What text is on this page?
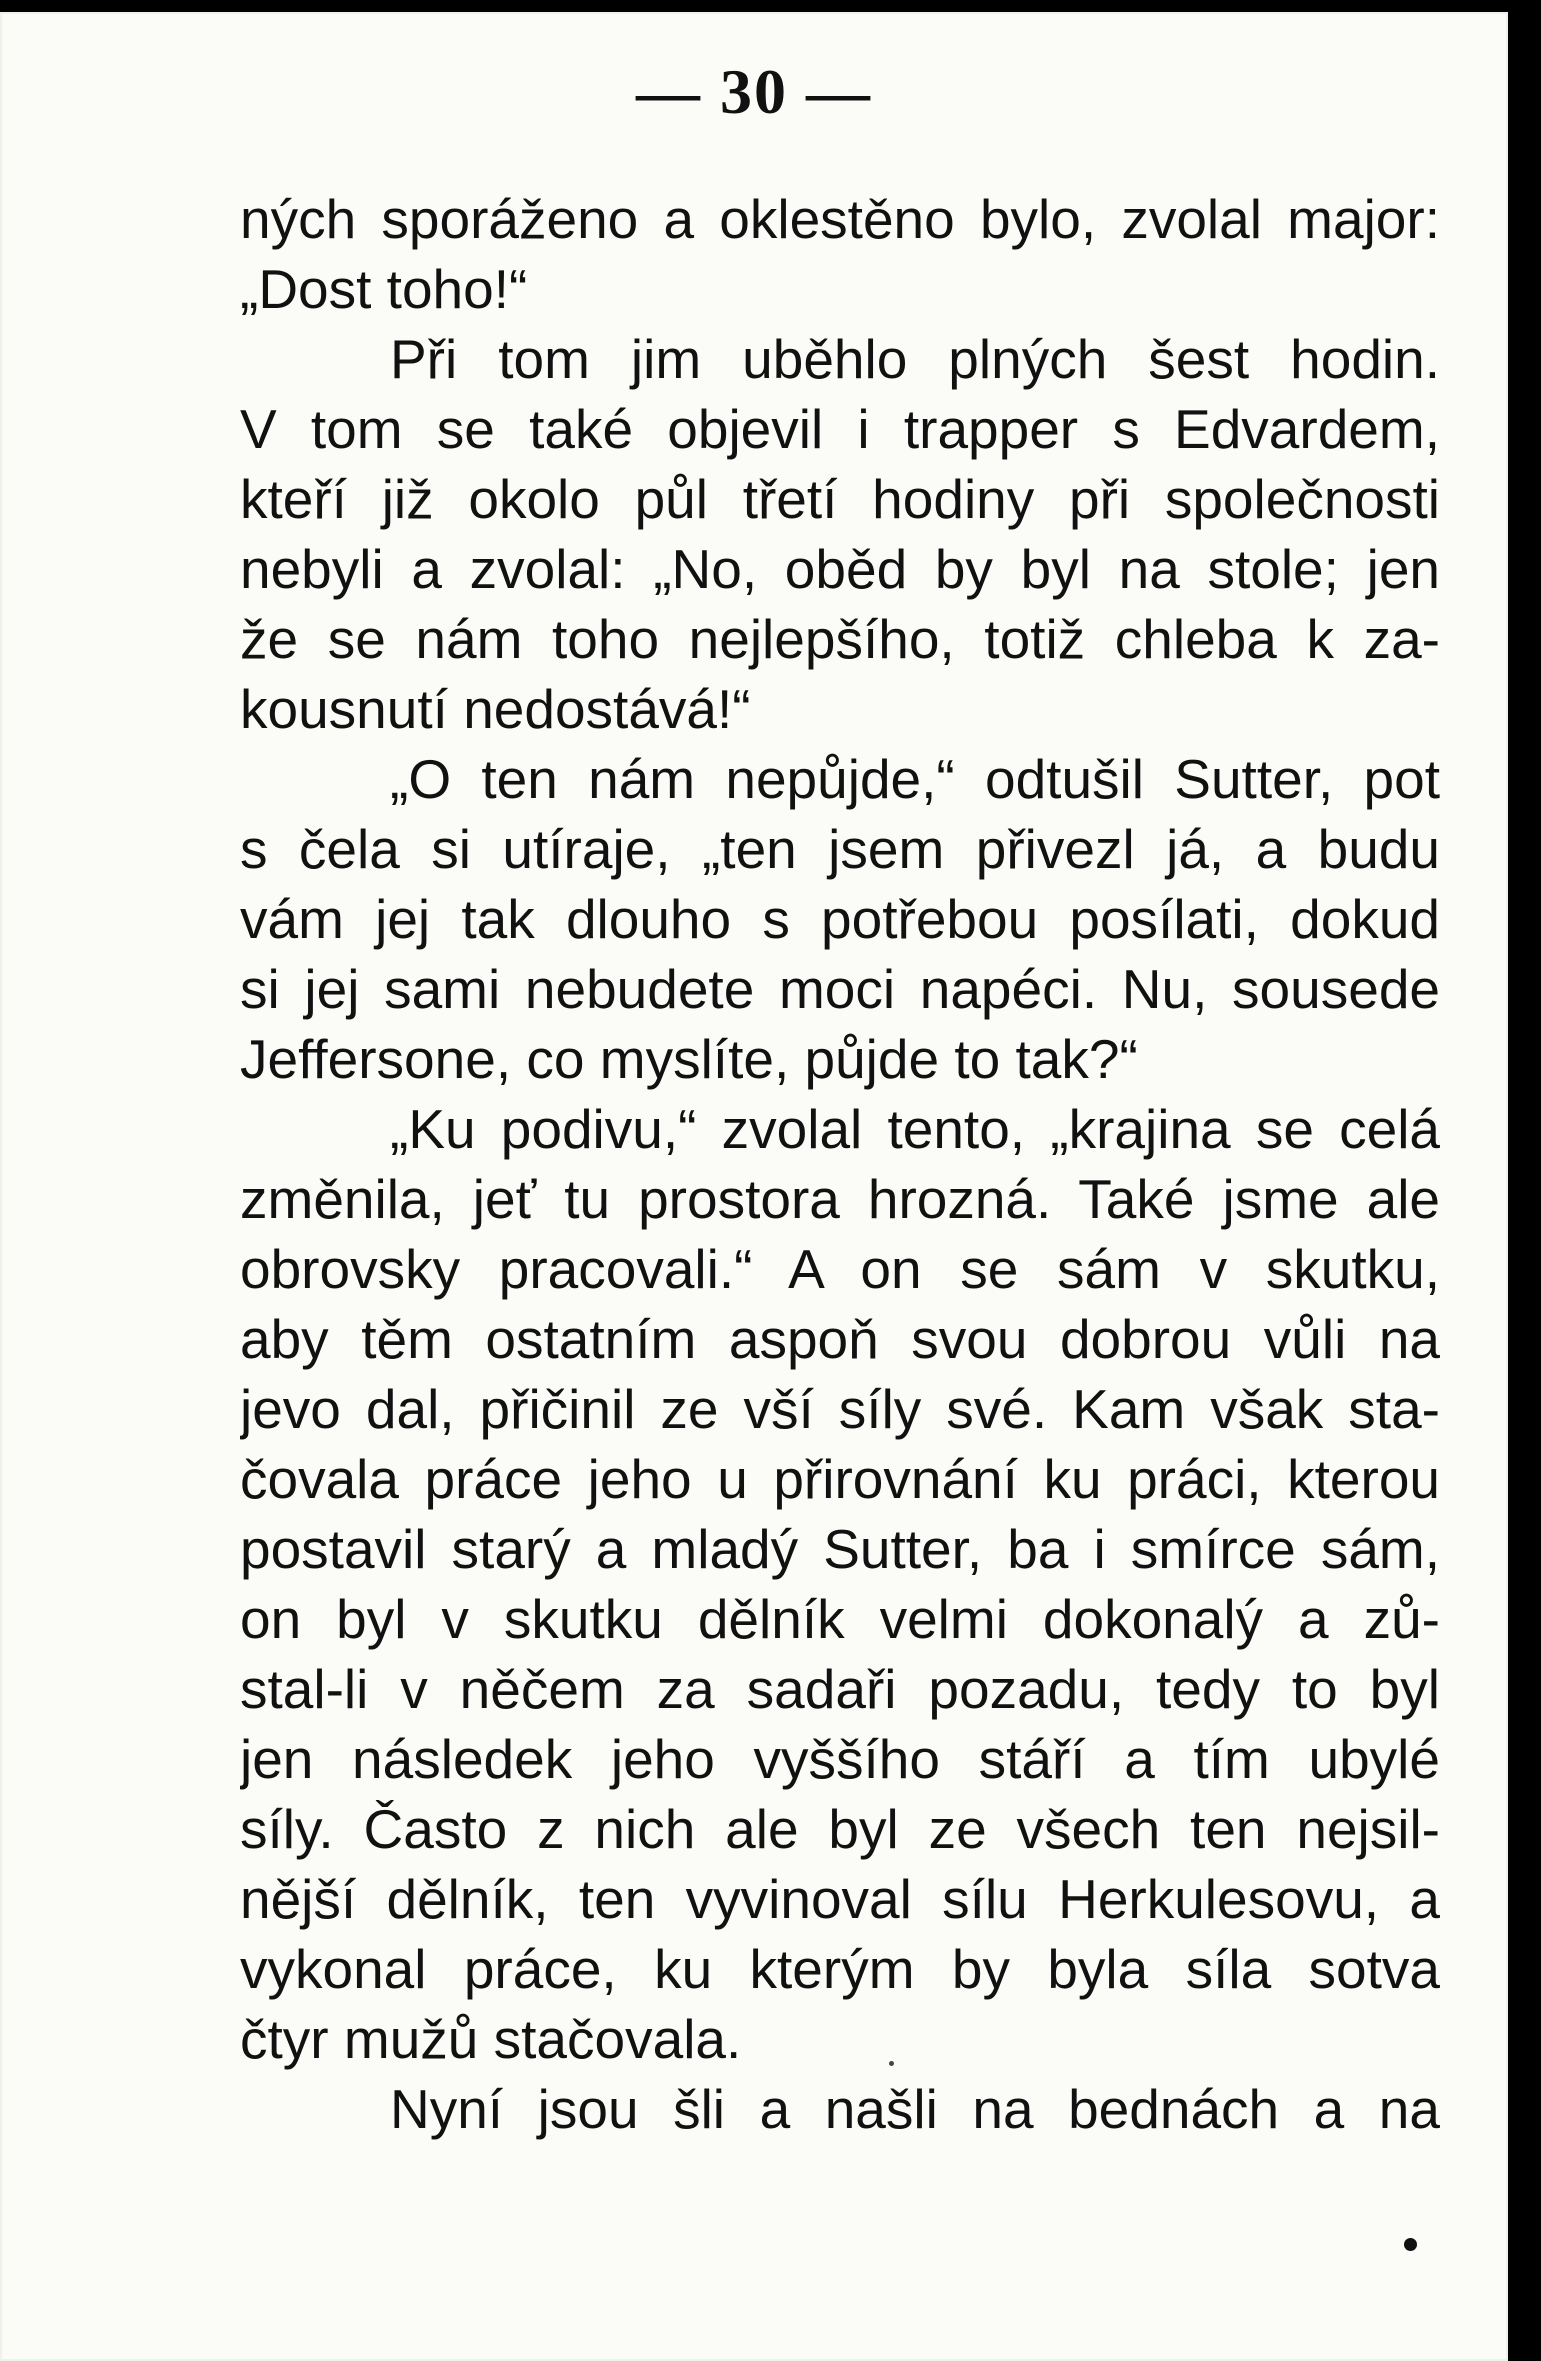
— 30 —
ných sporáženo a oklestěno bylo, zvolal major:
„Dost toho!“
Při tom jim uběhlo plných šest hodin.
V tom se také objevil i trapper s Edvardem,
kteří již okolo půl třetí hodiny při společnosti
nebyli a zvolal: „No, oběd by byl na stole; jen
že se nám toho nejlepšího, totiž chleba k za-
kousnutí nedostává!“
„O ten nám nepůjde,“ odtušil Sutter, pot
s čela si utíraje, „ten jsem přivezl já, a budu
vám jej tak dlouho s potřebou posílati, dokud
si jej sami nebudete moci napéci. Nu, sousede
Jeffersone, co myslíte, půjde to tak?“
„Ku podivu,“ zvolal tento, „krajina se celá
změnila, jeť tu prostora hrozná. Také jsme ale
obrovsky pracovali.“ A on se sám v skutku,
aby těm ostatním aspoň svou dobrou vůli na
jevo dal, přičinil ze vší síly své. Kam však sta-
čovala práce jeho u přirovnání ku práci, kterou
postavil starý a mladý Sutter, ba i smírce sám,
on byl v skutku dělník velmi dokonalý a zů-
stal-li v něčem za sadaři pozadu, tedy to byl
jen následek jeho vyššího stáří a tím ubylé
síly. Často z nich ale byl ze všech ten nejsil-
nější dělník, ten vyvinoval sílu Herkulesovu, a
vykonal práce, ku kterým by byla síla sotva
čtyr mužů stačovala.
Nyní jsou šli a našli na bednách a na
